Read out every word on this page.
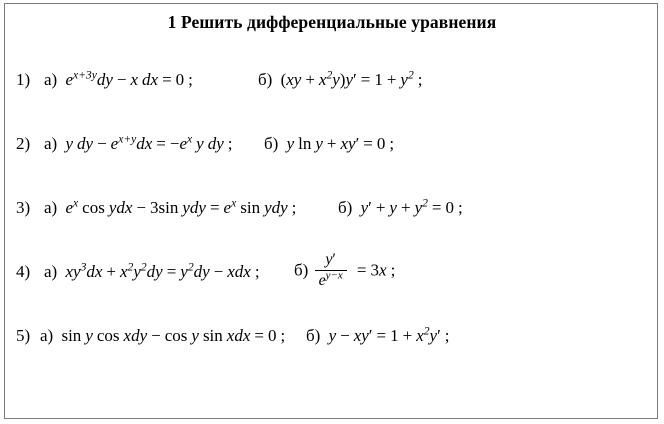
1 Решить дифференциальные уравнения
1) а) $e^{x+3y}dy - x$ dx = 0 ;	б) $(xy + x^2y)y' = 1 + y^2$ ;
2) а) y dy − $e^{x+y}dx = -e^x$ y dy ; б) y ln y + xy′ = 0 ;
3) а) $e^x$ cos ydx − 3sin ydy = $e^x$ sin ydy ; б) $y' + y + y^2 = 0$ ;
4) а) $xy^3dx + x^2y^2dy = y^2dy$ − xdx ; $б) \frac{y'}{e^{y-x}} = 3x$ ;
5) а) sin y cos xdy − cos y sin xdx = 0 ; б) $y - xy' = 1 + x^2y'$ ;
